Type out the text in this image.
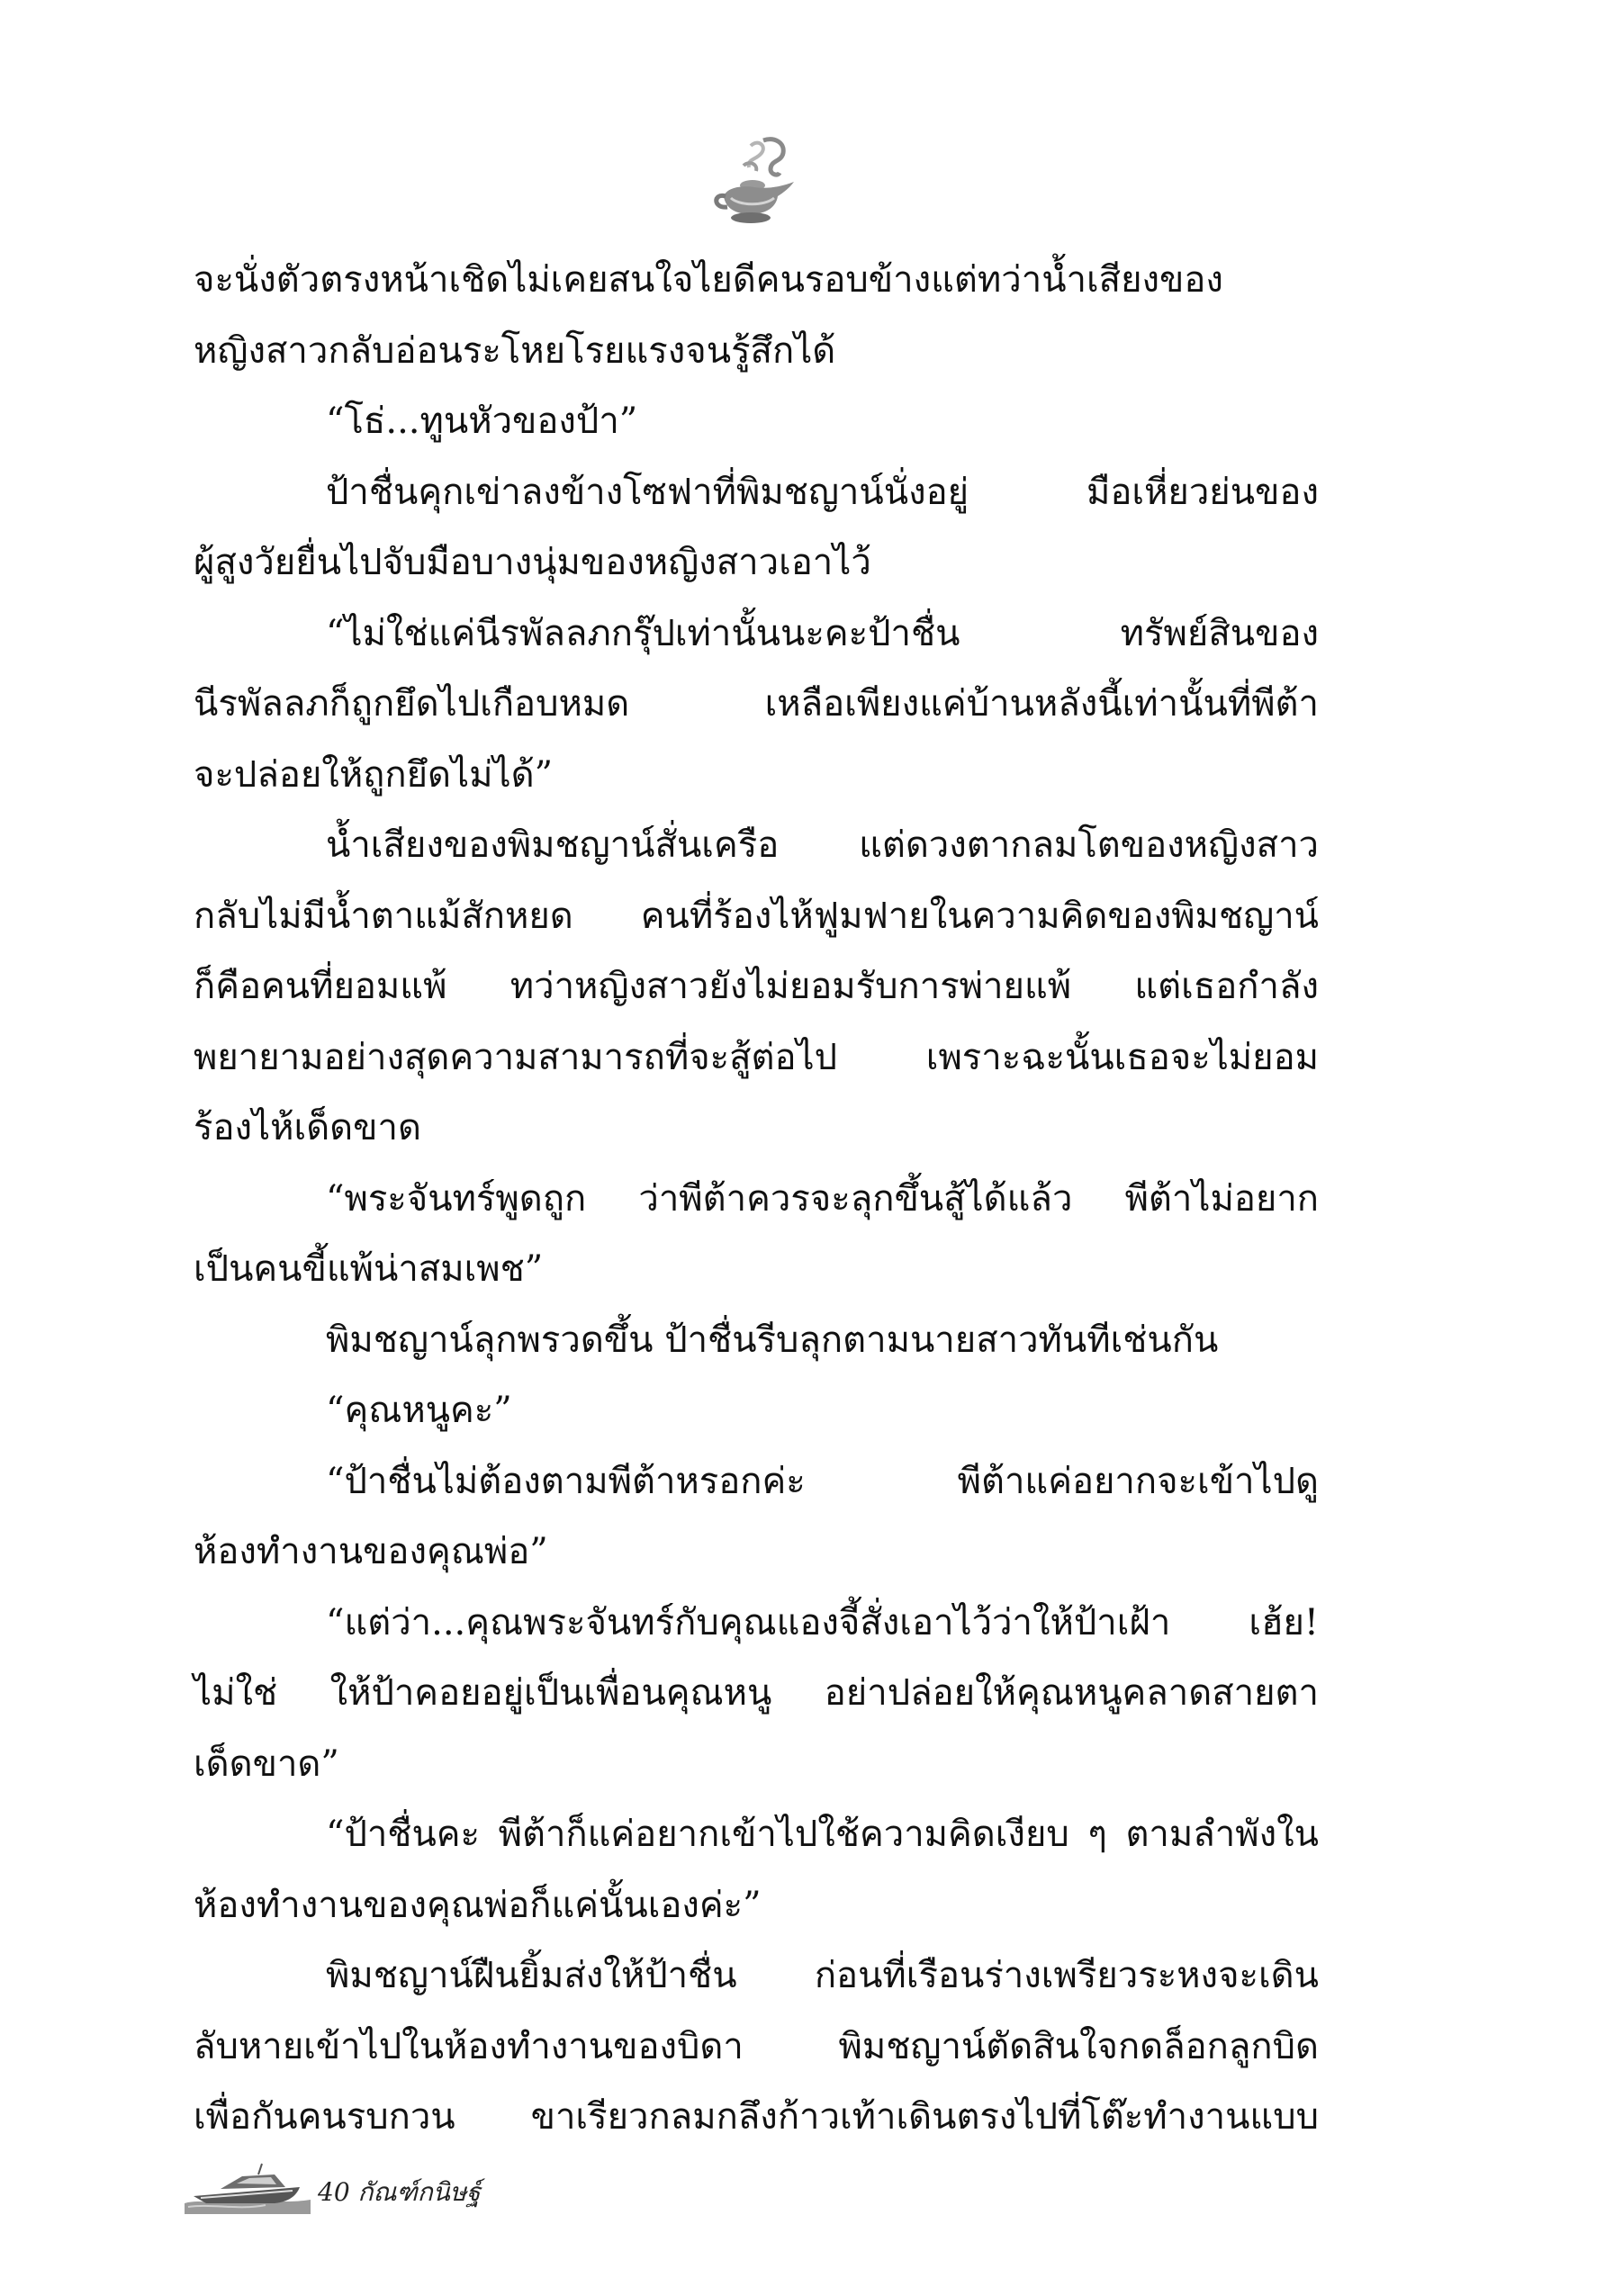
จะนั่งตัวตรงหน้าเชิดไม่เคยสนใจไยดีคนรอบข้างแต่ทว่าน้ำเสียงของ
หญิงสาวกลับอ่อนระโหยโรยแรงจนรู้สึกได้
“โธ่...ทูนหัวของป้า”
ป้าชื่นคุกเข่าลงข้างโซฟาที่พิมชญาน์นั่งอยู่ มือเหี่ยวย่นของ
ผู้สูงวัยยื่นไปจับมือบางนุ่มของหญิงสาวเอาไว้
“ไม่ใช่แค่นีรพัลลภกรุ๊ปเท่านั้นนะคะป้าชื่น ทรัพย์สินของ
นีรพัลลภก็ถูกยึดไปเกือบหมด เหลือเพียงแค่บ้านหลังนี้เท่านั้นที่พีต้า
จะปล่อยให้ถูกยึดไม่ได้”
น้ำเสียงของพิมชญาน์สั่นเครือ แต่ดวงตากลมโตของหญิงสาว
กลับไม่มีน้ำตาแม้สักหยด คนที่ร้องไห้ฟูมฟายในความคิดของพิมชญาน์
ก็คือคนที่ยอมแพ้ ทว่าหญิงสาวยังไม่ยอมรับการพ่ายแพ้ แต่เธอกำลัง
พยายามอย่างสุดความสามารถที่จะสู้ต่อไป เพราะฉะนั้นเธอจะไม่ยอม
ร้องไห้เด็ดขาด
“พระจันทร์พูดถูก ว่าพีต้าควรจะลุกขึ้นสู้ได้แล้ว พีต้าไม่อยาก
เป็นคนขี้แพ้น่าสมเพช”
พิมชญาน์ลุกพรวดขึ้น ป้าชื่นรีบลุกตามนายสาวทันทีเช่นกัน
“คุณหนูคะ”
“ป้าชื่นไม่ต้องตามพีต้าหรอกค่ะ พีต้าแค่อยากจะเข้าไปดู
ห้องทำงานของคุณพ่อ”
“แต่ว่า...คุณพระจันทร์กับคุณแองจี้สั่งเอาไว้ว่าให้ป้าเฝ้า เฮ้ย!
ไม่ใช่ ให้ป้าคอยอยู่เป็นเพื่อนคุณหนู อย่าปล่อยให้คุณหนูคลาดสายตา
เด็ดขาด”
“ป้าชื่นคะ พีต้าก็แค่อยากเข้าไปใช้ความคิดเงียบ ๆ ตามลำพังใน
ห้องทำงานของคุณพ่อก็แค่นั้นเองค่ะ”
พิมชญาน์ฝืนยิ้มส่งให้ป้าชื่น ก่อนที่เรือนร่างเพรียวระหงจะเดิน
ลับหายเข้าไปในห้องทำงานของบิดา พิมชญาน์ตัดสินใจกดล็อกลูกบิด
เพื่อกันคนรบกวน ขาเรียวกลมกลึงก้าวเท้าเดินตรงไปที่โต๊ะทำงานแบบ
40 กัณฑ์กนิษฐ์
